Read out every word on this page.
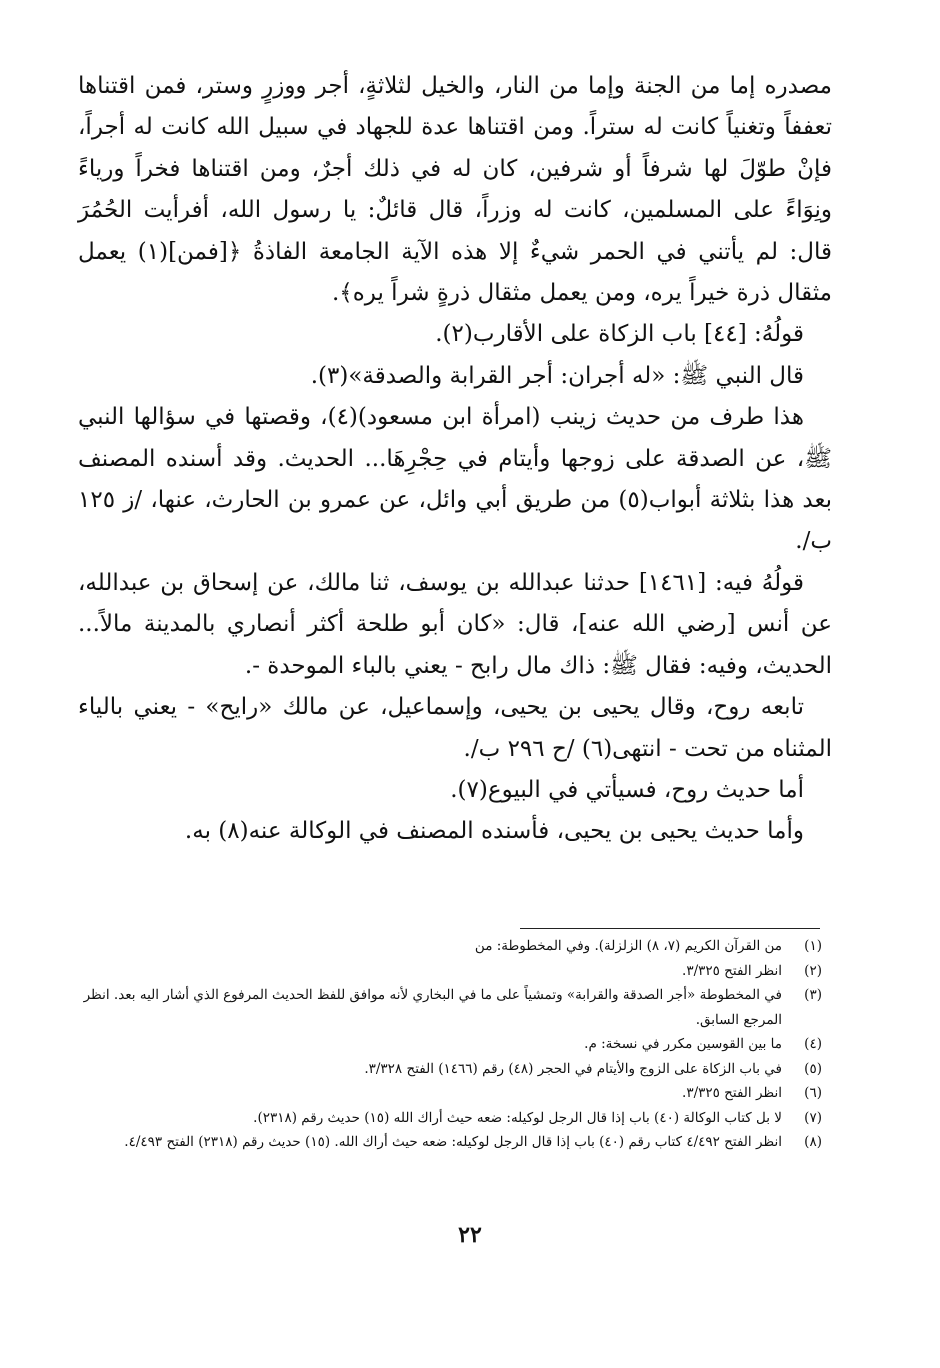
مصدره إما من الجنة وإما من النار، والخيل لثلاثةٍ، أجر ووزرٍ وستر، فمن اقتناها تعففاً وتغنياً كانت له ستراً. ومن اقتناها عدة للجهاد في سبيل الله كانت له أجراً، فإنْ طوّلَ لها شرفاً أو شرفين، كان له في ذلك أجرٌ، ومن اقتناها فخراً ورياءً ونِوَاءً على المسلمين، كانت له وزراً، قال قائلٌ: يا رسول الله، أفرأيت الحُمُرَ قال: لم يأتني في الحمر شيءٌ إلا هذه الآية الجامعة الفاذةُ ﴿[فمن](١) يعمل مثقال ذرة خيراً يره، ومن يعمل مثقال ذرةٍ شراً يره﴾.

قولُهُ: [٤٤] باب الزكاة على الأقارب(٢).

قال النبي ﷺ: «له أجران: أجر القرابة والصدقة»(٣).

هذا طرف من حديث زينب (امرأة ابن مسعود)(٤)، وقصتها في سؤالها النبي ﷺ، عن الصدقة على زوجها وأيتام في حِجْرِهَا... الحديث. وقد أسنده المصنف بعد هذا بثلاثة أبواب(٥) من طريق أبي وائل، عن عمرو بن الحارث، عنها، /ز ١٢٥ ب/.

قولُهُ فيه: [١٤٦١] حدثنا عبدالله بن يوسف، ثنا مالك، عن إسحاق بن عبدالله، عن أنس [رضي الله عنه]، قال: «كان أبو طلحة أكثر أنصاري بالمدينة مالاً... الحديث، وفيه: فقال ﷺ: ذاك مال رابح - يعني بالباء الموحدة -.

تابعه روح، وقال يحيى بن يحيى، وإسماعيل، عن مالك «رايح» - يعني بالياء المثناه من تحت - انتهى(٦) /ح ٢٩٦ ب/.

أما حديث روح، فسيأتي في البيوع(٧).

وأما حديث يحيى بن يحيى، فأسنده المصنف في الوكالة عنه(٨) به.

(١)
من القرآن الكريم (٧، ٨) الزلزلة). وفي المخطوطة: من
(٢)
انظر الفتح ٣/٣٢٥.
(٣)
في المخطوطة «أجر الصدقة والقرابة» وتمشياً على ما في البخاري لأنه موافق للفظ الحديث المرفوع الذي أشار اليه بعد. انظر المرجع السابق.
(٤)
ما بين القوسين مكرر في نسخة: م.
(٥)
في باب الزكاة على الزوج والأيتام في الحجر (٤٨) رقم (١٤٦٦) الفتح ٣/٣٢٨.
(٦)
انظر الفتح ٣/٣٢٥.
(٧)
لا بل كتاب الوكالة (٤٠) باب إذا قال الرجل لوكيله: ضعه حيث أراك الله (١٥) حديث رقم (٢٣١٨).
(٨)
انظر الفتح ٤/٤٩٢ كتاب رقم (٤٠) باب إذا قال الرجل لوكيله: ضعه حيث أراك الله. (١٥) حديث رقم (٢٣١٨) الفتح ٤/٤٩٣.
٢٢
